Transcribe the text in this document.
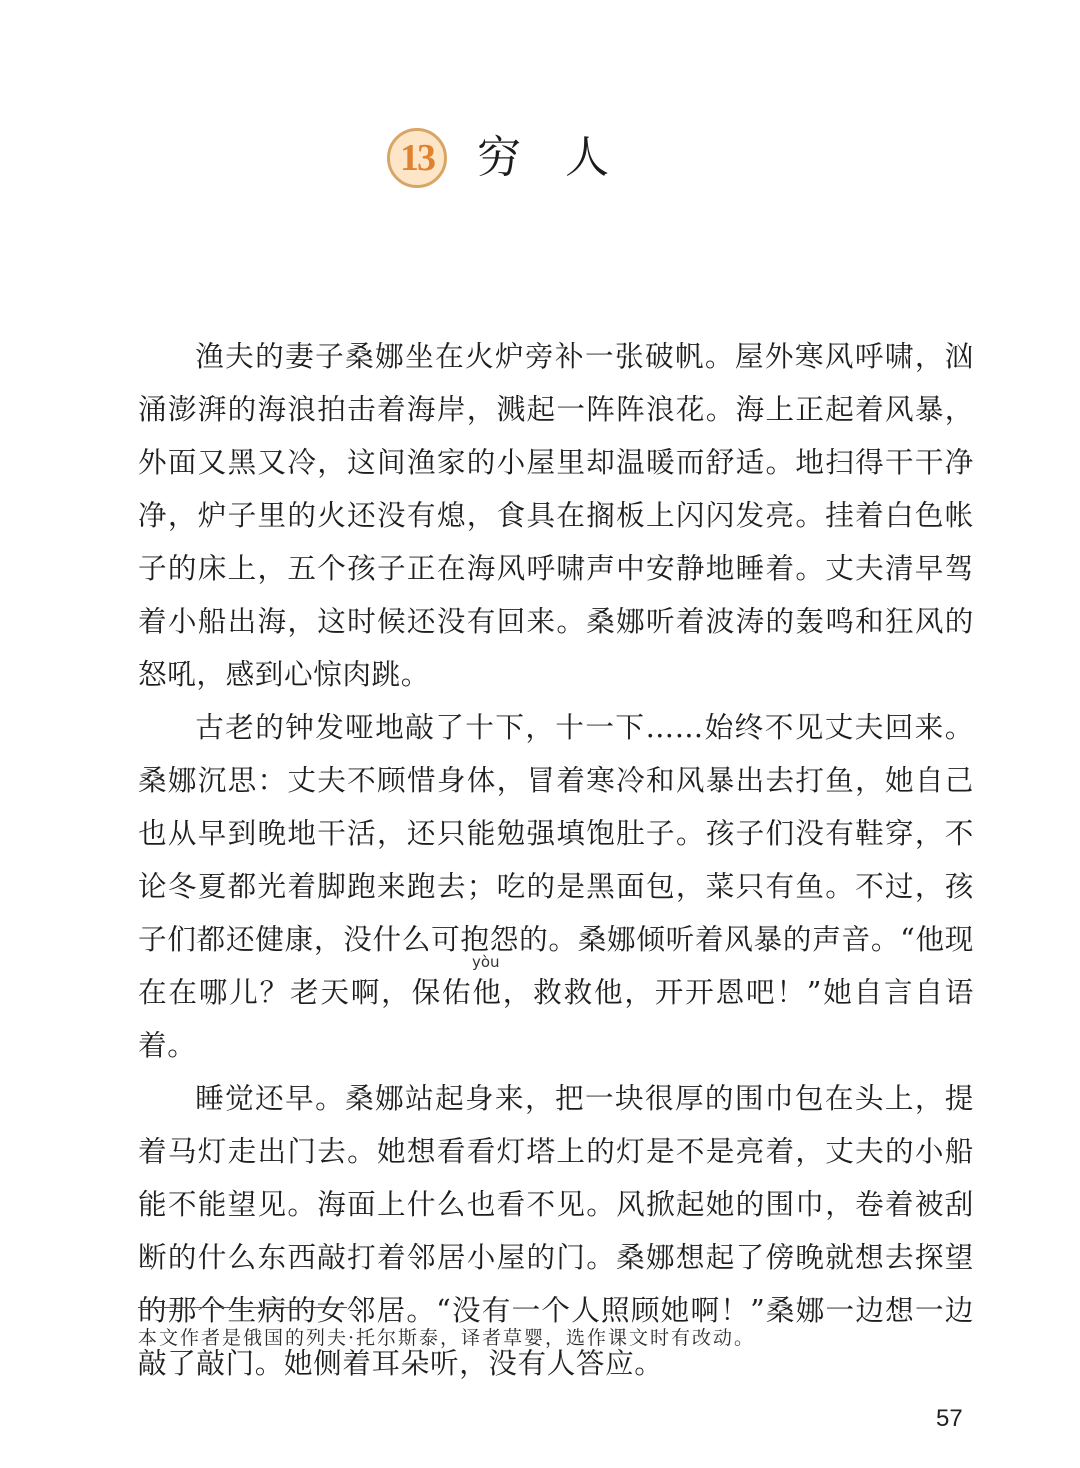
13 穷人

渔夫的妻子桑娜坐在火炉旁补一张破帆。屋外寒风呼啸，汹涌澎湃的海浪拍击着海岸，溅起一阵阵浪花。海上正起着风暴，外面又黑又冷，这间渔家的小屋里却温暖而舒适。地扫得干干净净，炉子里的火还没有熄，食具在搁板上闪闪发亮。挂着白色帐子的床上，五个孩子正在海风呼啸声中安静地睡着。丈夫清早驾着小船出海，这时候还没有回来。桑娜听着波涛的轰鸣和狂风的怒吼，感到心惊肉跳。

古老的钟发哑地敲了十下，十一下……始终不见丈夫回来。桑娜沉思：丈夫不顾惜身体，冒着寒冷和风暴出去打鱼，她自己也从早到晚地干活，还只能勉强填饱肚子。孩子们没有鞋穿，不论冬夏都光着脚跑来跑去；吃的是黑面包，菜只有鱼。不过，孩子们都还健康，没什么可抱怨的。桑娜倾听着风暴的声音。“他现在在哪儿？老天啊，保
yòu
佑他，救救他，开开恩吧！”她自言自语着。

睡觉还早。桑娜站起身来，把一块很厚的围巾包在头上，提着马灯走出门去。她想看看灯塔上的灯是不是亮着，丈夫的小船能不能望见。海面上什么也看不见。风掀起她的围巾，卷着被刮断的什么东西敲打着邻居小屋的门。桑娜想起了傍晚就想去探望的那个生病的女邻居。“没有一个人照顾她啊！”桑娜一边想一边敲了敲门。她侧着耳朵听，没有人答应。

本文作者是俄国的列夫·托尔斯泰，译者草婴，选作课文时有改动。
57
